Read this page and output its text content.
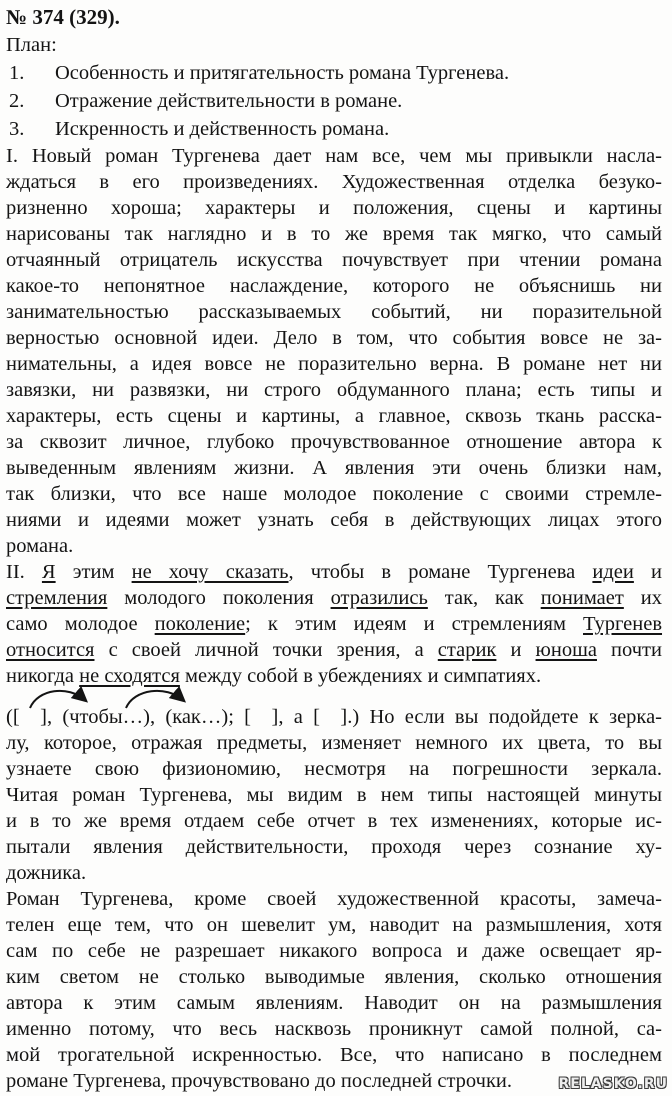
№ 374 (329).
План:
1.	Особенность и притягательность романа Тургенева.
2.	Отражение действительности в романе.
3.	Искренность и действенность романа.
I. Новый роман Тургенева дает нам все, чем мы привыкли насла-
ждаться в его произведениях. Художественная отделка безуко-
ризненно хороша; характеры и положения, сцены и картины
нарисованы так наглядно и в то же время так мягко, что самый
отчаянный отрицатель искусства почувствует при чтении романа
какое-то непонятное наслаждение, которого не объяснишь ни
занимательностью рассказываемых событий, ни поразительной
верностью основной идеи. Дело в том, что события вовсе не за-
нимательны, а идея вовсе не поразительно верна. В романе нет ни
завязки, ни развязки, ни строго обдуманного плана; есть типы и
характеры, есть сцены и картины, а главное, сквозь ткань расска-
за сквозит личное, глубоко прочувствованное отношение автора к
выведенным явлениям жизни. А явления эти очень близки нам,
так близки, что все наше молодое поколение с своими стремле-
ниями и идеями может узнать себя в действующих лицах этого
романа.
II. Я этим не хочу сказать, чтобы в романе Тургенева идеи и
стремления молодого поколения отразились так, как понимает их
само молодое поколение; к этим идеям и стремлениям Тургенев
относится с своей личной точки зрения, а старик и юноша почти
никогда не сходятся между собой в убеждениях и симпатиях.
([  ], (чтобы…), (как…); [  ], а [  ].) Но если вы подойдете к зерка-
лу, которое, отражая предметы, изменяет немного их цвета, то вы
узнаете свою физиономию, несмотря на погрешности зеркала.
Читая роман Тургенева, мы видим в нем типы настоящей минуты
и в то же время отдаем себе отчет в тех изменениях, которые ис-
пытали явления действительности, проходя через сознание ху-
дожника.
Роман Тургенева, кроме своей художественной красоты, замеча-
телен еще тем, что он шевелит ум, наводит на размышления, хотя
сам по себе не разрешает никакого вопроса и даже освещает яр-
ким светом не столько выводимые явления, сколько отношения
автора к этим самым явлениям. Наводит он на размышления
именно потому, что весь насквозь проникнут самой полной, са-
мой трогательной искренностью. Все, что написано в последнем
романе Тургенева, прочувствовано до последней строчки.	RELASKO.RU
